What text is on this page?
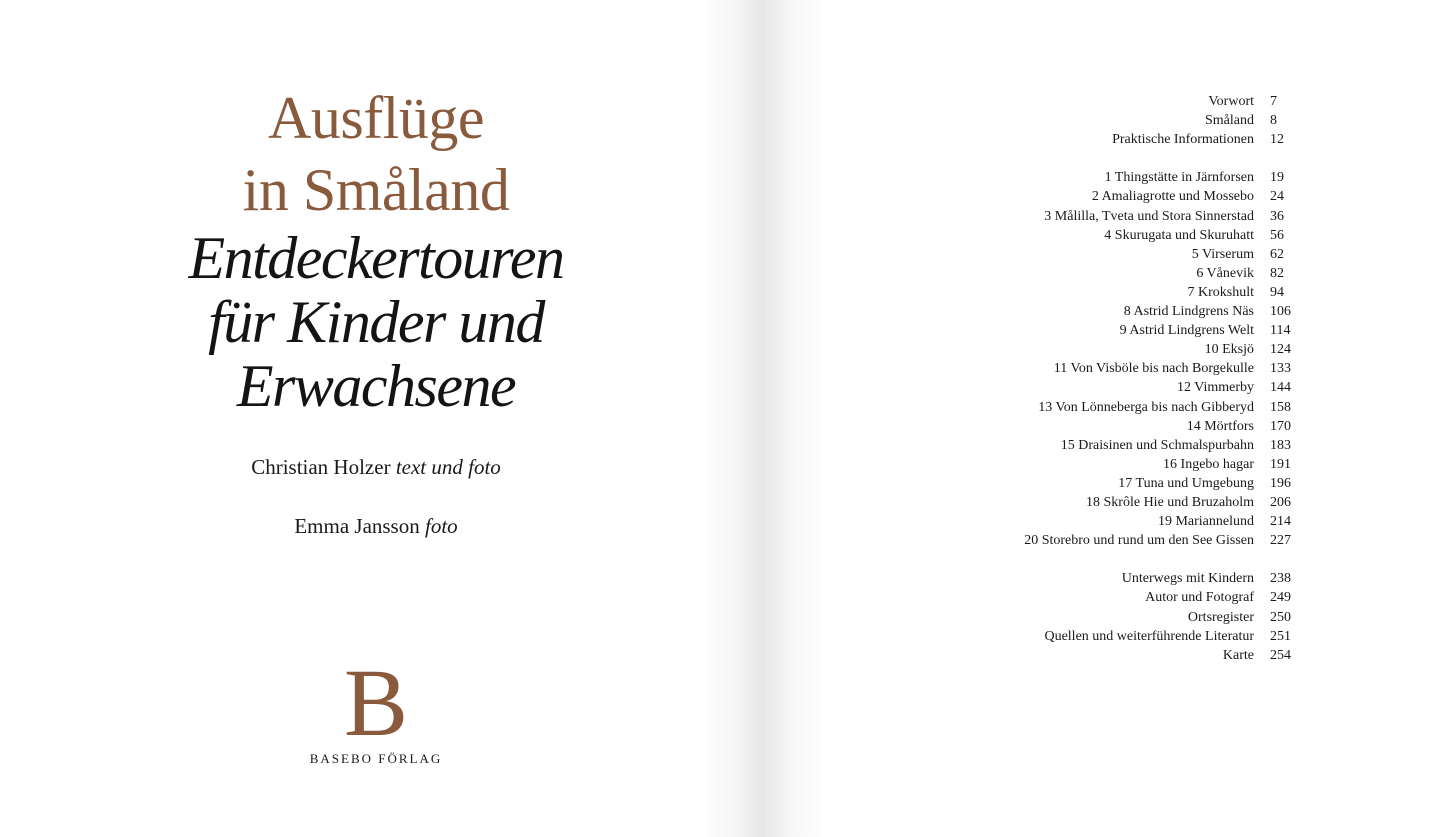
Ausflüge
in Småland
Entdeckertouren
für Kinder und
Erwachsene
Christian Holzer text und foto
Emma Jansson foto
B
BASEBO FÖRLAG
Vorwort	7
Småland	8
Praktische Informationen	12
1 Thingstätte in Järnforsen	19
2 Amaliagrotte und Mossebo	24
3 Målilla, Tveta und Stora Sinnerstad	36
4 Skurugata und Skuruhatt	56
5 Virserum	62
6 Vånevik	82
7 Krokshult	94
8 Astrid Lindgrens Näs	106
9 Astrid Lindgrens Welt	114
10 Eksjö	124
11 Von Visböle bis nach Borgekulle	133
12 Vimmerby	144
13 Von Lönneberga bis nach Gibberyd	158
14 Mörtfors	170
15 Draisinen und Schmalspurbahn	183
16 Ingebo hagar	191
17 Tuna und Umgebung	196
18 Skrôle Hie und Bruzaholm	206
19 Mariannelund	214
20 Storebro und rund um den See Gissen	227
Unterwegs mit Kindern	238
Autor und Fotograf	249
Ortsregister	250
Quellen und weiterführende Literatur	251
Karte	254
